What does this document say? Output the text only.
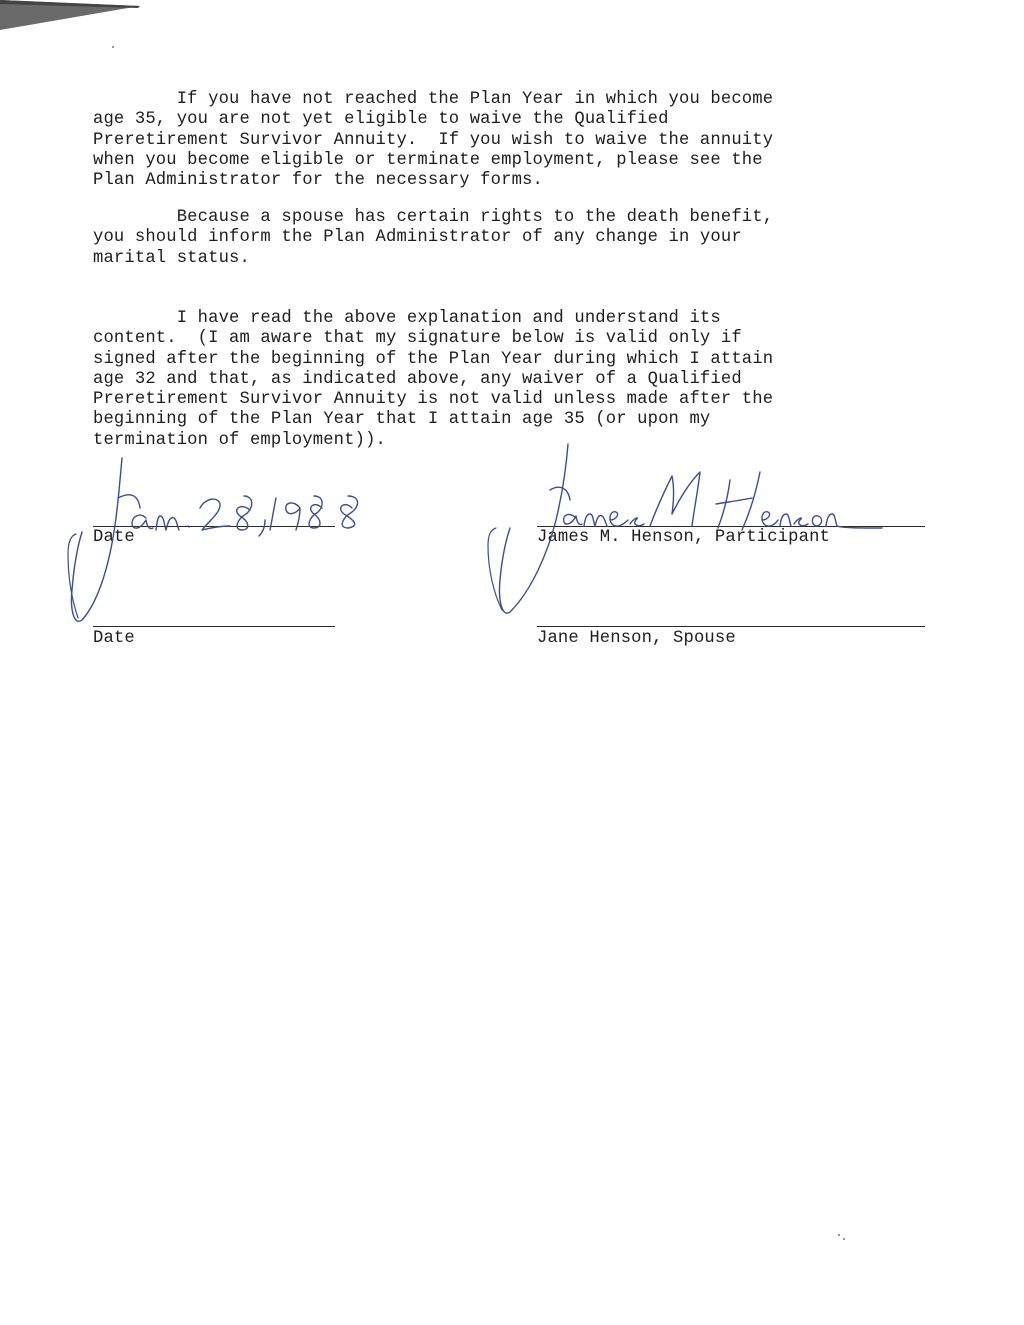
If you have not reached the Plan Year in which you become
age 35, you are not yet eligible to waive the Qualified
Preretirement Survivor Annuity.  If you wish to waive the annuity
when you become eligible or terminate employment, please see the
Plan Administrator for the necessary forms.

Because a spouse has certain rights to the death benefit,
you should inform the Plan Administrator of any change in your
marital status.

I have read the above explanation and understand its
content.  (I am aware that my signature below is valid only if
signed after the beginning of the Plan Year during which I attain
age 32 and that, as indicated above, any waiver of a Qualified
Preretirement Survivor Annuity is not valid unless made after the
beginning of the Plan Year that I attain age 35 (or upon my
termination of employment)).

Date	James M. Henson, Participant
Date	Jane Henson, Spouse
